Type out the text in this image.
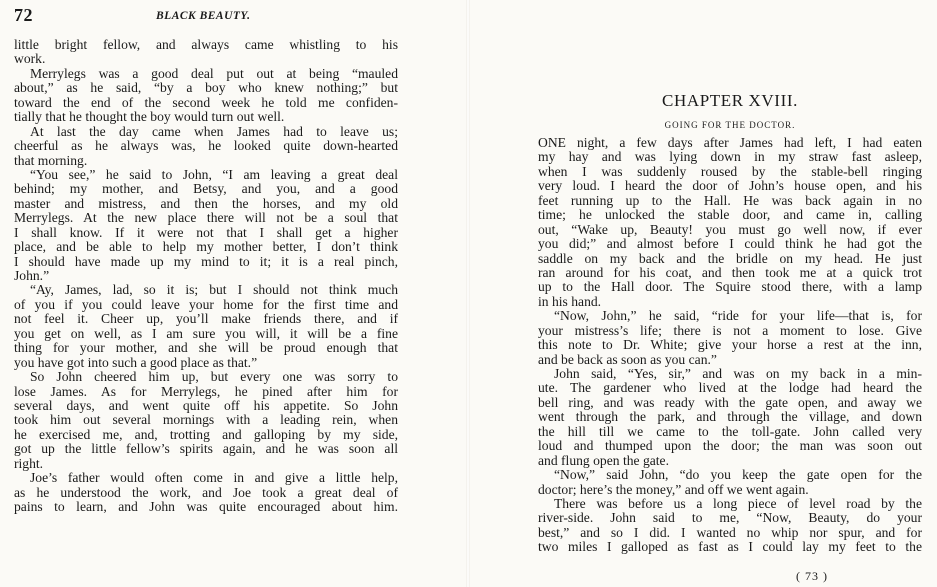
72	BLACK BEAUTY.
little bright fellow, and always came whistling to his
work.
Merrylegs was a good deal put out at being “mauled
about,” as he said, “by a boy who knew nothing;” but
toward the end of the second week he told me confiden-
tially that he thought the boy would turn out well.
At last the day came when James had to leave us;
cheerful as he always was, he looked quite down-hearted
that morning.
“You see,” he said to John, “I am leaving a great deal
behind; my mother, and Betsy, and you, and a good
master and mistress, and then the horses, and my old
Merrylegs. At the new place there will not be a soul that
I shall know. If it were not that I shall get a higher
place, and be able to help my mother better, I don’t think
I should have made up my mind to it; it is a real pinch,
John.”
“Ay, James, lad, so it is; but I should not think much
of you if you could leave your home for the first time and
not feel it. Cheer up, you’ll make friends there, and if
you get on well, as I am sure you will, it will be a fine
thing for your mother, and she will be proud enough that
you have got into such a good place as that.”
So John cheered him up, but every one was sorry to
lose James. As for Merrylegs, he pined after him for
several days, and went quite off his appetite. So John
took him out several mornings with a leading rein, when
he exercised me, and, trotting and galloping by my side,
got up the little fellow’s spirits again, and he was soon all
right.
Joe’s father would often come in and give a little help,
as he understood the work, and Joe took a great deal of
pains to learn, and John was quite encouraged about him.
CHAPTER XVIII.
GOING FOR THE DOCTOR.
ONE night, a few days after James had left, I had eaten
my hay and was lying down in my straw fast asleep,
when I was suddenly roused by the stable-bell ringing
very loud. I heard the door of John’s house open, and his
feet running up to the Hall. He was back again in no
time; he unlocked the stable door, and came in, calling
out, “Wake up, Beauty! you must go well now, if ever
you did;” and almost before I could think he had got the
saddle on my back and the bridle on my head. He just
ran around for his coat, and then took me at a quick trot
up to the Hall door. The Squire stood there, with a lamp
in his hand.
“Now, John,” he said, “ride for your life—that is, for
your mistress’s life; there is not a moment to lose. Give
this note to Dr. White; give your horse a rest at the inn,
and be back as soon as you can.”
John said, “Yes, sir,” and was on my back in a min-
ute. The gardener who lived at the lodge had heard the
bell ring, and was ready with the gate open, and away we
went through the park, and through the village, and down
the hill till we came to the toll-gate. John called very
loud and thumped upon the door; the man was soon out
and flung open the gate.
“Now,” said John, “do you keep the gate open for the
doctor; here’s the money,” and off we went again.
There was before us a long piece of level road by the
river-side. John said to me, “Now, Beauty, do your
best,” and so I did. I wanted no whip nor spur, and for
two miles I galloped as fast as I could lay my feet to the
( 73 )
